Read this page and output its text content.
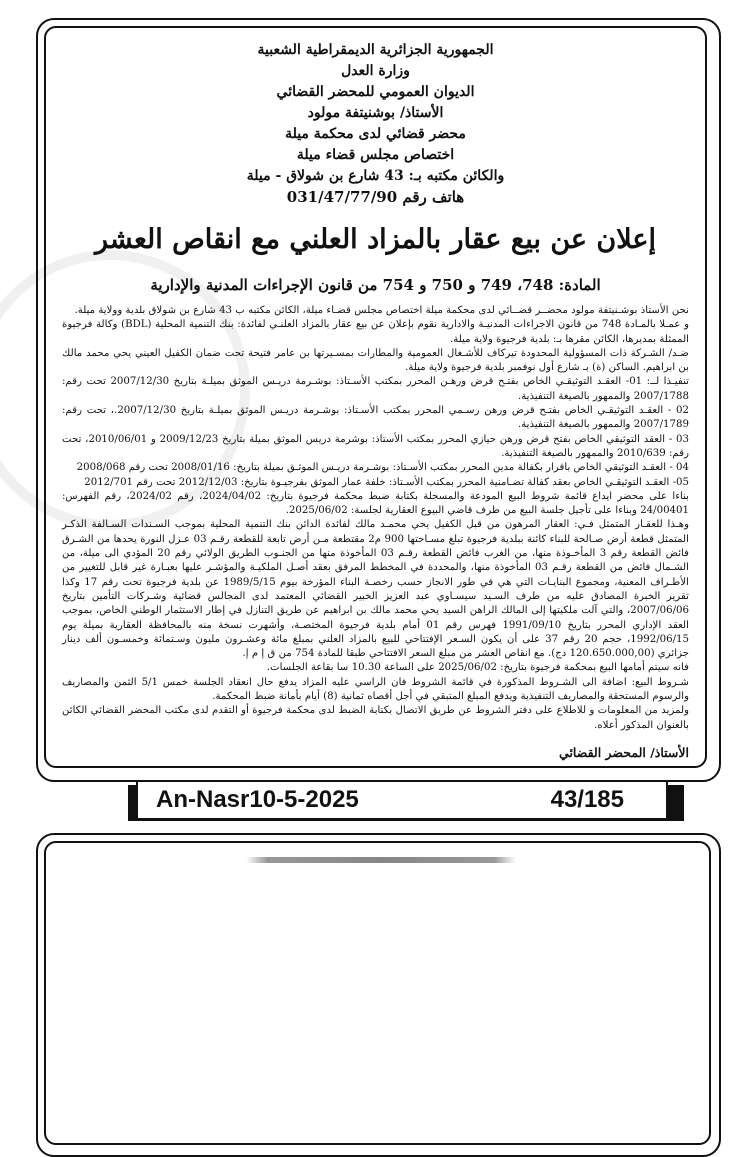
الجمهورية الجزائرية الديمقراطية الشعبية
وزارة العدل
الديوان العمومي للمحضر القضائي
الأستاذ/ بوشنيتفة مولود
محضر قضائي لدى محكمة ميلة
اختصاص مجلس قضاء ميلة
والكائن مكتبه بـ: 43 شارع بن شولاق - ميلة
هاتف رقم 031/47/77/90
إعلان عن بيع عقار بالمزاد العلني مع انقاص العشر
المادة: 748، 749 و 750 و 754 من قانون الإجراءات المدنية والإدارية

نحن الأستاذ بوشـنيتفة مولود محضــر قضــائي لدى محكمة ميلة اختصاص مجلس قضـاء ميلة، الكائن مكتبه ب 43 شارع بن شولاق بلدية وولاية ميلة.

و عمـلا بالمـادة 748 من قانون الاجراءات المدنيـة والادارية نقوم بإعلان عن بيع عقار بالمزاد العلنـي لفائدة: بنك التنمية المحلية (BDL) وكالة فرجيوة الممثلة بمديرها، الكائن مقرها بـ: بلدية فرجيوة ولاية ميلة.

ضـد/ الشـركة ذات المسؤولية المحدودة تيركاف للأشـغال العمومية والمطارات بمسـيرتها بن عامر فتيحة تحت ضمان الكفيل العيني يحي محمد مالك بن ابراهيم. الساكن (ة) بـ شارع أول نوفمبر بلدية فرجيوة ولاية ميلة.

تنفيـذا لــ: 01- العقـد التوثيقـي الخاص بفتـح قرض ورهـن المحرر بمكتب الأسـتاذ: بوشـرمة دريـس الموثق بميلـة بتاريخ 2007/12/30 تحت رقم: 2007/1788 والممهور بالصيغة التنفيذية.

02 - العقـد التوثيقـي الخاص بفتـح قرض ورهن رسـمي المحرر بمكتب الأسـتاذ: بوشـرمة دريـس الموثق بميلـة بتاريخ 2007/12/30.، تحت رقم: 2007/1789 والممهور بالصيغة التنفيذية.

03 - العقد التوثيقي الخاص بفتح قرض ورهن حيازي المحرر بمكتب الأستاذ: بوشرمة دريس الموثق بميلة بتاريخ 2009/12/23 و 2010/06/01، تحت رقم: 2010/639 والممهور بالصيغة التنفيذية.

04 - العقـد التوثيقي الخاص باقرار بكفالة مدين المحرر بمكتب الأسـتاذ: بوشـرمة دريـس الموثـق بميلة بتاريخ: 2008/01/16 تحت رقم 2008/068

05- العقـد التوثيقـي الخاص بعقد كفالة تضـامنية المحرر بمكتب الأسـتاذ: خلفة عمار الموثق بفرجيـوة بتاريخ: 2012/12/03 تحت رقم 2012/701

بناءا على محضر ايداع قائمة شروط البيع المودعة والمسجلة بكتابة ضبط محكمة فرجيوة بتاريخ: 2024/04/02، رقم 2024/02، رقم الفهرس: 24/00401 وبناءا على تأجيل جلسة البيع من طرف قاضي البيوع العقارية لجلسة: 2025/06/02.

وهـذا للعقـار المتمثل فـي: العقار المرهون من قبل الكفيل يحي محمـد مالك لفائدة الدائن بنك التنمية المحلية بموجب السـندات السـالفة الذكـر المتمثل قطعة أرض صـالحة للبناء كائنة ببلدية فرجيوة تبلغ مسـاحتها 900 م2 مقتطعة مـن أرض تابعة للقطعة رقـم 03 عـزل النورة يحدها من الشـرق فائض القطعة رقم 3 المأخـوذة منها، من الغرب فائض القطعة رقـم 03 المأخوذة منها من الجنـوب الطريق الولائي رقم 20 المؤدي الى ميلة، من الشـمال فائض من القطعة رقـم 03 المأخوذة منها، والمحددة في المخطط المرفق بعقد أصـل الملكيـة والمؤشـر عليها بعبـارة غير قابل للتغيير من الأطـراف المعنية، ومجموع البنايـات التي هي في طور الانجاز حسب رخصـة البناء المؤرخة بيوم 1989/5/15 عن بلدية فرجيوة تحت رقم 17 وكذا تقرير الخبرة المصادق عليه من طرف السـيد سيسـاوي عبد العزيز الخبير القضائي المعتمد لدى المجالس قضائية وشـركات التأمين بتاريخ 2007/06/06، والتي آلت ملكيتها إلى المالك الراهن السيد يحي محمد مالك بن ابراهيم عن طريق التنازل في إطار الاستثمار الوطني الخاص، بموجب العقد الإداري المحرر بتاريخ 1991/09/10 فهرس رقم 01 أمام بلدية فرجيوة المختصـة، وأشهرت نسخة منه بالمحافظة العقارية بميلة يوم 1992/06/15، حجم 20 رقم 37 على أن يكون السـعر الإفتتاحي للبيع بالمزاد العلني بمبلغ مائة وعشـرون مليون وسـتمائة وخمسـون ألف دينار جزائري (120.650.000,00 دج). مع انقاص العشر من مبلغ السعر الافتتاحي طبقا للمادة 754 من ق إ م إ.

فانه سيتم أمامها البيع بمحكمة فرجيوة بتاريخ: 2025/06/02 على الساعة 10.30 سا بقاعة الجلسات.

شـروط البيع: اضافة الى الشـروط المذكورة في قائمة الشروط فان الراسي عليه المزاد يدفع حال انعقاد الجلسة خمس 5/1 الثمن والمصاريف والرسوم المستحقة والمصاريف التنفيذية ويدفع المبلغ المتبقي في أجل أقصاه ثمانية (8) أيام بأمانة ضبط المحكمة.

ولمزيد من المعلومات و للاطلاع على دفتر الشروط عن طريق الاتصال بكتابة الضبط لدى محكمة فرجيوة أو التقدم لدى مكتب المحضر القضائي الكائن بالعنوان المذكور أعلاه.

الأستاذ/ المحضر القضائي
An-Nasr10-5-2025	43/185
